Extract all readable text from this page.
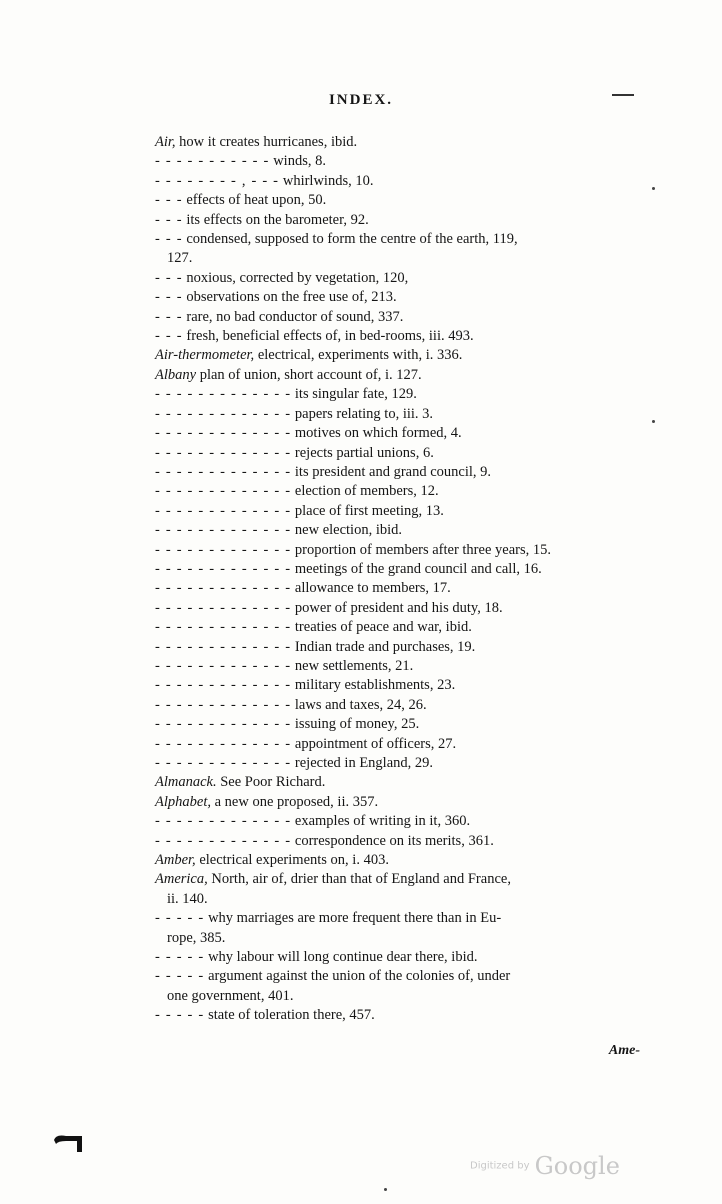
INDEX.
Air, how it creates hurricanes, ibid.
- - - - - - - - - - - winds, 8.
- - - - - - - - , - - - whirlwinds, 10.
- - - effects of heat upon, 50.
- - - its effects on the barometer, 92.
- - - condensed, supposed to form the centre of the earth, 119,
127.
- - - noxious, corrected by vegetation, 120,
- - - observations on the free use of, 213.
- - - rare, no bad conductor of sound, 337.
- - - fresh, beneficial effects of, in bed-rooms, iii. 493.
Air-thermometer, electrical, experiments with, i. 336.
Albany plan of union, short account of, i. 127.
- - - - - - - - - - - - - its singular fate, 129.
- - - - - - - - - - - - - papers relating to, iii. 3.
- - - - - - - - - - - - - motives on which formed, 4.
- - - - - - - - - - - - - rejects partial unions, 6.
- - - - - - - - - - - - - its president and grand council, 9.
- - - - - - - - - - - - - election of members, 12.
- - - - - - - - - - - - - place of first meeting, 13.
- - - - - - - - - - - - - new election, ibid.
- - - - - - - - - - - - - proportion of members after three years, 15.
- - - - - - - - - - - - - meetings of the grand council and call, 16.
- - - - - - - - - - - - - allowance to members, 17.
- - - - - - - - - - - - - power of president and his duty, 18.
- - - - - - - - - - - - - treaties of peace and war, ibid.
- - - - - - - - - - - - - Indian trade and purchases, 19.
- - - - - - - - - - - - - new settlements, 21.
- - - - - - - - - - - - - military establishments, 23.
- - - - - - - - - - - - - laws and taxes, 24, 26.
- - - - - - - - - - - - - issuing of money, 25.
- - - - - - - - - - - - - appointment of officers, 27.
- - - - - - - - - - - - - rejected in England, 29.
Almanack. See Poor Richard.
Alphabet, a new one proposed, ii. 357.
- - - - - - - - - - - - - examples of writing in it, 360.
- - - - - - - - - - - - - correspondence on its merits, 361.
Amber, electrical experiments on, i. 403.
America, North, air of, drier than that of England and France,
ii. 140.
- - - - - why marriages are more frequent there than in Eu-
rope, 385.
- - - - - why labour will long continue dear there, ibid.
- - - - - argument against the union of the colonies of, under
one government, 401.
- - - - - state of toleration there, 457.
Ame-
Digitized by Google
